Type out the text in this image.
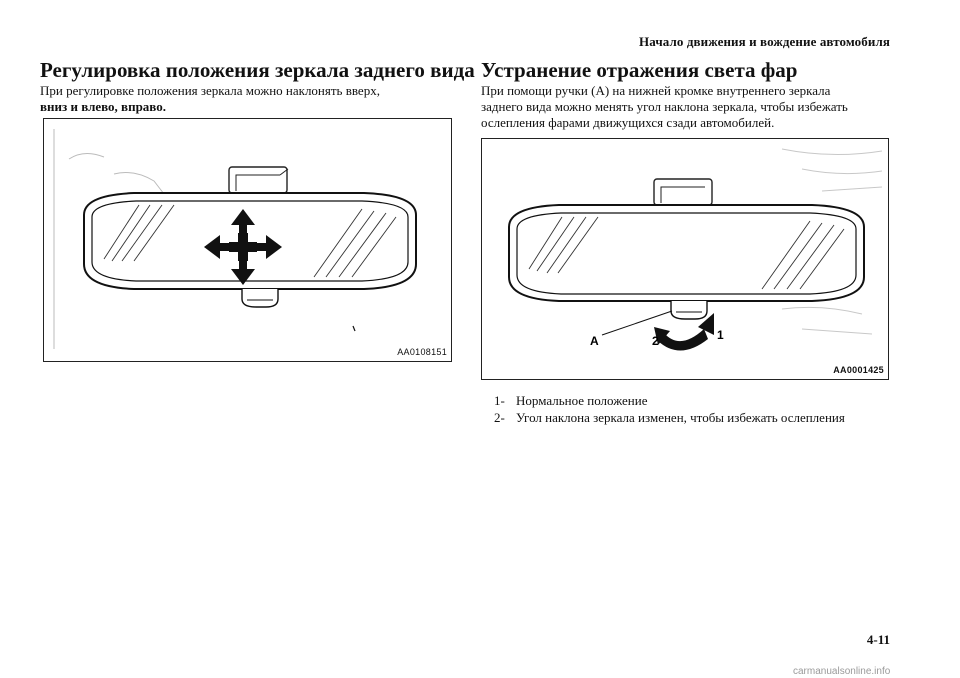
Начало движения и вождение автомобиля
Регулировка положения зеркала заднего вида

При регулировке положения зеркала можно наклонять вверх,
вниз и влево, вправо.

AA0108151
Устранение отражения света фар

При помощи ручки (A) на нижней кромке внутреннего зеркала
заднего вида можно менять угол наклона зеркала, чтобы избежать
ослепления фарами движущихся сзади автомобилей.

A	2	1
AA0001425
1- Нормальное положение
2- Угол наклона зеркала изменен, чтобы избежать ослепления
4-11
carmanualsonline.info
